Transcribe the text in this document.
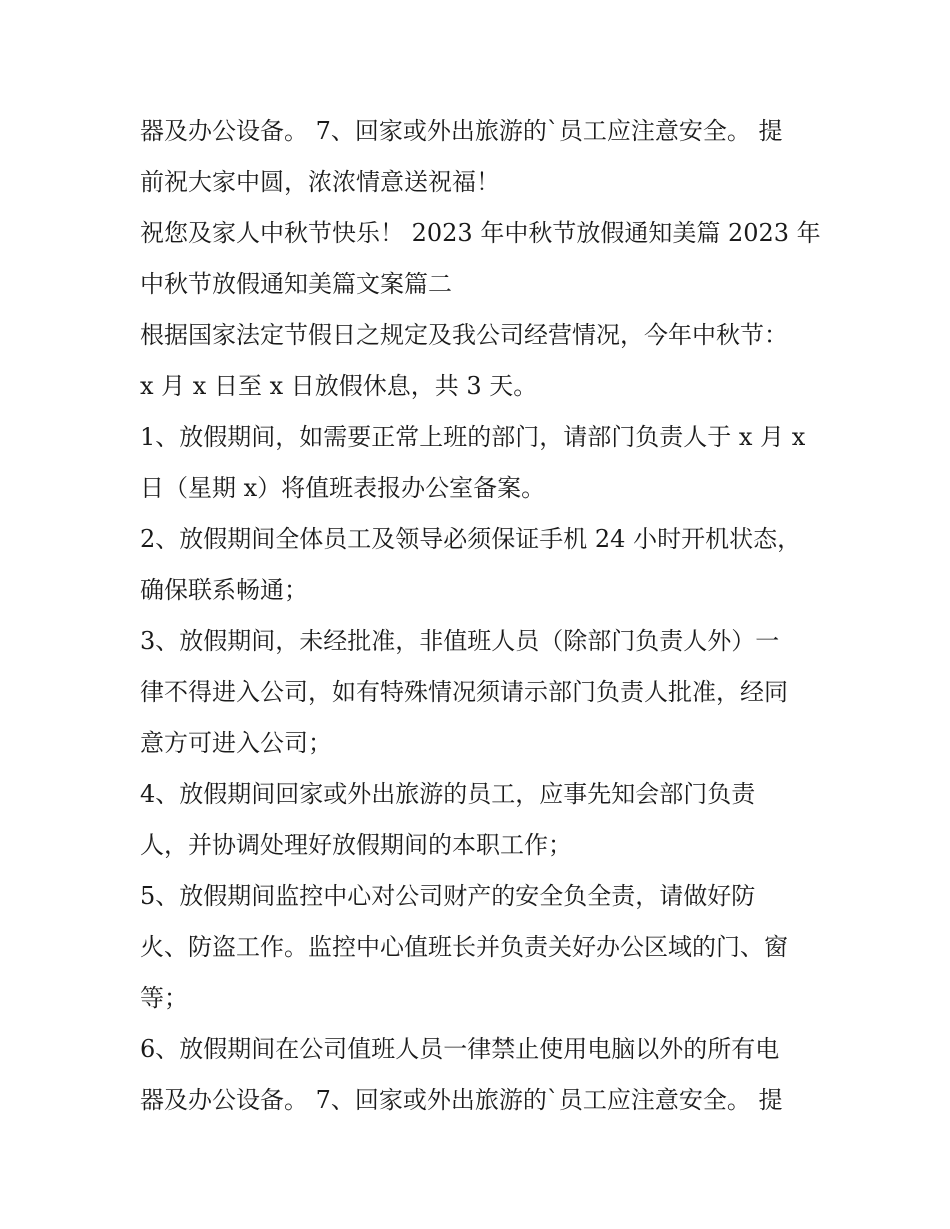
器及办公设备。 7、回家或外出旅游的`员工应注意安全。 提
前祝大家中圆，浓浓情意送祝福！
祝您及家人中秋节快乐！ 2023 年中秋节放假通知美篇 2023 年
中秋节放假通知美篇文案篇二
根据国家法定节假日之规定及我公司经营情况，今年中秋节：
x 月 x 日至 x 日放假休息，共 3 天。
1、放假期间，如需要正常上班的部门，请部门负责人于 x 月 x
日（星期 x）将值班表报办公室备案。
2、放假期间全体员工及领导必须保证手机 24 小时开机状态，
确保联系畅通；
3、放假期间，未经批准，非值班人员（除部门负责人外）一
律不得进入公司，如有特殊情况须请示部门负责人批准，经同
意方可进入公司；
4、放假期间回家或外出旅游的员工，应事先知会部门负责
人，并协调处理好放假期间的本职工作；
5、放假期间监控中心对公司财产的安全负全责，请做好防
火、防盗工作。监控中心值班长并负责关好办公区域的门、窗
等；
6、放假期间在公司值班人员一律禁止使用电脑以外的所有电
器及办公设备。 7、回家或外出旅游的`员工应注意安全。 提
